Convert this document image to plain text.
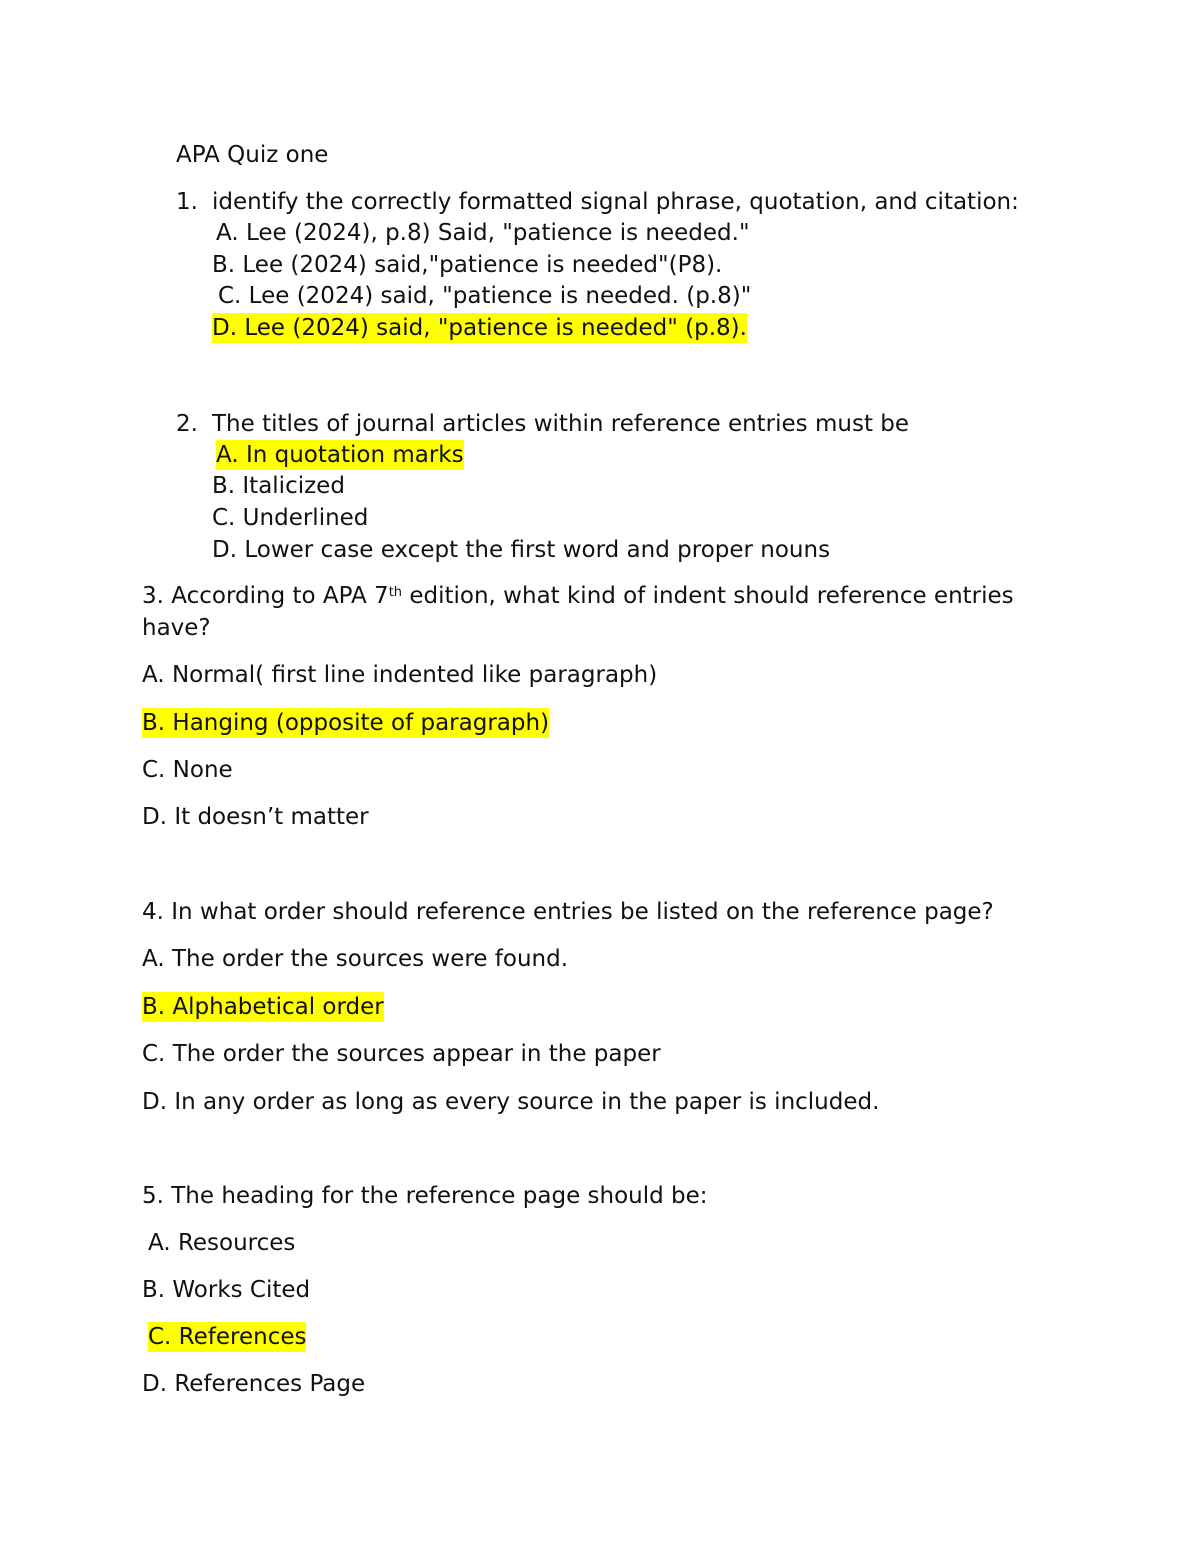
APA Quiz one
1. identify the correctly formatted signal phrase, quotation, and citation:
A. Lee (2024), p.8) Said, "patience is needed."
B. Lee (2024) said,"patience is needed"(P8).
C. Lee (2024) said, "patience is needed. (p.8)"
D. Lee (2024) said, "patience is needed" (p.8).
2. The titles of journal articles within reference entries must be
A. In quotation marks
B. Italicized
C. Underlined
D. Lower case except the first word and proper nouns
3. According to APA 7th edition, what kind of indent should reference entries
have?
A. Normal( first line indented like paragraph)
B. Hanging (opposite of paragraph)
C. None
D. It doesn’t matter
4. In what order should reference entries be listed on the reference page?
A. The order the sources were found.
B. Alphabetical order
C. The order the sources appear in the paper
D. In any order as long as every source in the paper is included.
5. The heading for the reference page should be:
A. Resources
B. Works Cited
C. References
D. References Page
